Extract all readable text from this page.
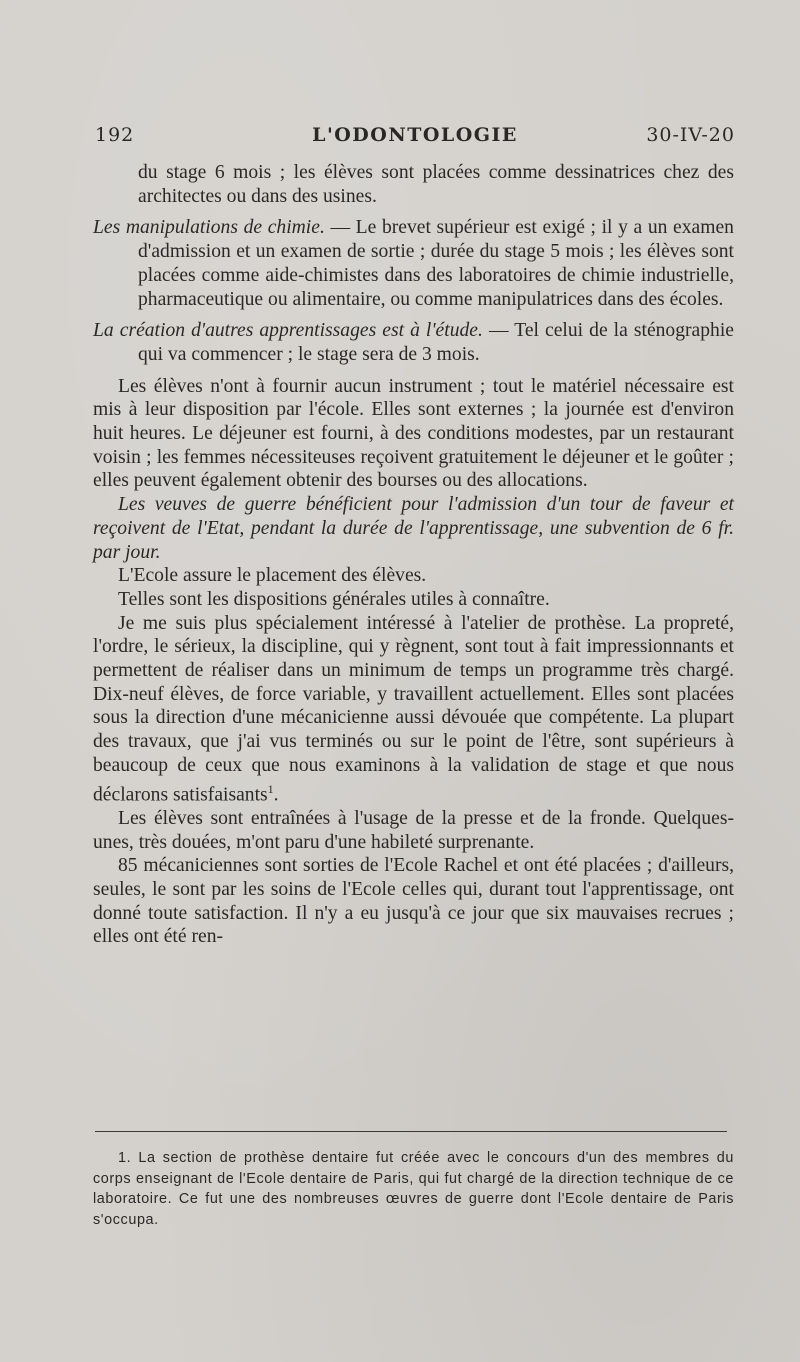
192	L'ODONTOLOGIE	30-IV-20

du stage 6 mois ; les élèves sont placées comme dessinatrices chez des architectes ou dans des usines.

Les manipulations de chimie. — Le brevet supérieur est exigé ; il y a un examen d'admission et un examen de sortie ; durée du stage 5 mois ; les élèves sont placées comme aide-chimistes dans des laboratoires de chimie industrielle, pharmaceutique ou alimentaire, ou comme manipulatrices dans des écoles.

La création d'autres apprentissages est à l'étude. — Tel celui de la sténographie qui va commencer ; le stage sera de 3 mois.

Les élèves n'ont à fournir aucun instrument ; tout le matériel nécessaire est mis à leur disposition par l'école. Elles sont externes ; la journée est d'environ huit heures. Le déjeuner est fourni, à des conditions modestes, par un restaurant voisin ; les femmes nécessiteuses reçoivent gratuitement le déjeuner et le goûter ; elles peuvent également obtenir des bourses ou des allocations.

Les veuves de guerre bénéficient pour l'admission d'un tour de faveur et reçoivent de l'Etat, pendant la durée de l'apprentissage, une subvention de 6 fr. par jour.

L'Ecole assure le placement des élèves.

Telles sont les dispositions générales utiles à connaître.

Je me suis plus spécialement intéressé à l'atelier de prothèse. La propreté, l'ordre, le sérieux, la discipline, qui y règnent, sont tout à fait impressionnants et permettent de réaliser dans un minimum de temps un programme très chargé. Dix-neuf élèves, de force variable, y travaillent actuellement. Elles sont placées sous la direction d'une mécanicienne aussi dévouée que compétente. La plupart des travaux, que j'ai vus terminés ou sur le point de l'être, sont supérieurs à beaucoup de ceux que nous examinons à la validation de stage et que nous déclarons satisfaisants$^1$.

Les élèves sont entraînées à l'usage de la presse et de la fronde. Quelques-unes, très douées, m'ont paru d'une habileté surprenante.

85 mécaniciennes sont sorties de l'Ecole Rachel et ont été placées ; d'ailleurs, seules, le sont par les soins de l'Ecole celles qui, durant tout l'apprentissage, ont donné toute satisfaction. Il n'y a eu jusqu'à ce jour que six mauvaises recrues ; elles ont été ren-

1. La section de prothèse dentaire fut créée avec le concours d'un des membres du corps enseignant de l'Ecole dentaire de Paris, qui fut chargé de la direction technique de ce laboratoire. Ce fut une des nombreuses œuvres de guerre dont l'Ecole dentaire de Paris s'occupa.
